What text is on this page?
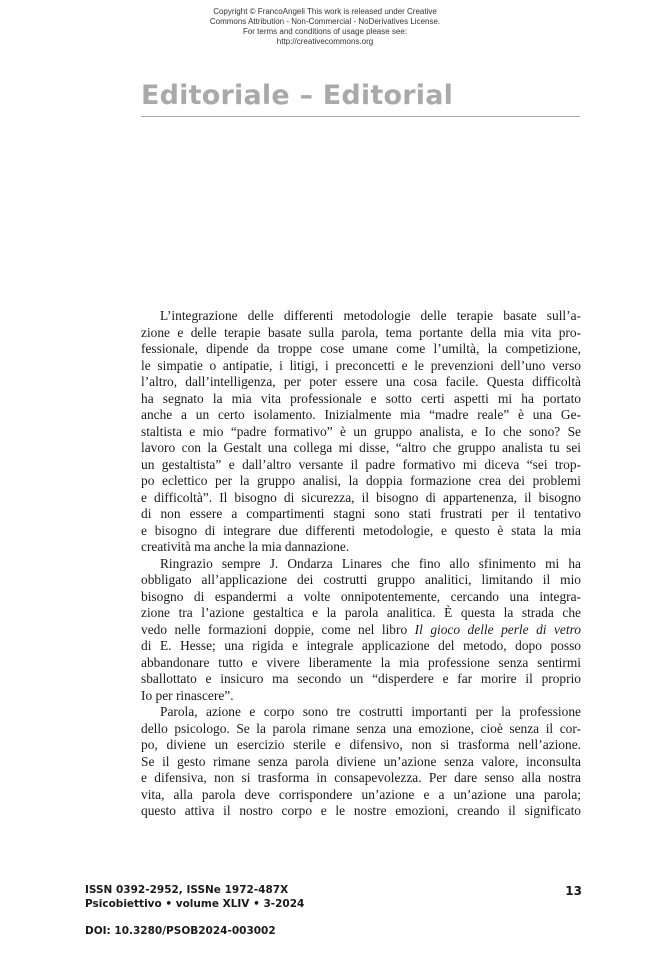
Copyright © FrancoAngeli This work is released under Creative
Commons Attribution - Non-Commercial - NoDerivatives License.
For terms and conditions of usage please see:
http://creativecommons.org
Editoriale – Editorial
L’integrazione delle differenti metodologie delle terapie basate sull’a-
zione e delle terapie basate sulla parola, tema portante della mia vita pro-
fessionale, dipende da troppe cose umane come l’umiltà, la competizione,
le simpatie o antipatie, i litigi, i preconcetti e le prevenzioni dell’uno verso
l’altro, dall’intelligenza, per poter essere una cosa facile. Questa difficoltà
ha segnato la mia vita professionale e sotto certi aspetti mi ha portato
anche a un certo isolamento. Inizialmente mia “madre reale” è una Ge-
staltista e mio “padre formativo” è un gruppo analista, e Io che sono? Se
lavoro con la Gestalt una collega mi disse, “altro che gruppo analista tu sei
un gestaltista” e dall’altro versante il padre formativo mi diceva “sei trop-
po eclettico per la gruppo analisi, la doppia formazione crea dei problemi
e difficoltà”. Il bisogno di sicurezza, il bisogno di appartenenza, il bisogno
di non essere a compartimenti stagni sono stati frustrati per il tentativo
e bisogno di integrare due differenti metodologie, e questo è stata la mia
creatività ma anche la mia dannazione.
Ringrazio sempre J. Ondarza Linares che fino allo sfinimento mi ha
obbligato all’applicazione dei costrutti gruppo analitici, limitando il mio
bisogno di espandermi a volte onnipotentemente, cercando una integra-
zione tra l’azione gestaltica e la parola analitica. È questa la strada che
vedo nelle formazioni doppie, come nel libro Il gioco delle perle di vetro
di E. Hesse; una rigida e integrale applicazione del metodo, dopo posso
abbandonare tutto e vivere liberamente la mia professione senza sentirmi
sballottato e insicuro ma secondo un “disperdere e far morire il proprio
Io per rinascere”.
Parola, azione e corpo sono tre costrutti importanti per la professione
dello psicologo. Se la parola rimane senza una emozione, cioè senza il cor-
po, diviene un esercizio sterile e difensivo, non si trasforma nell’azione.
Se il gesto rimane senza parola diviene un’azione senza valore, inconsulta
e difensiva, non si trasforma in consapevolezza. Per dare senso alla nostra
vita, alla parola deve corrispondere un’azione e a un’azione una parola;
questo attiva il nostro corpo e le nostre emozioni, creando il significato
ISSN 0392-2952, ISSNe 1972-487X
Psicobiettivo • volume XLIV • 3-2024
DOI: 10.3280/PSOB2024-003002
13
